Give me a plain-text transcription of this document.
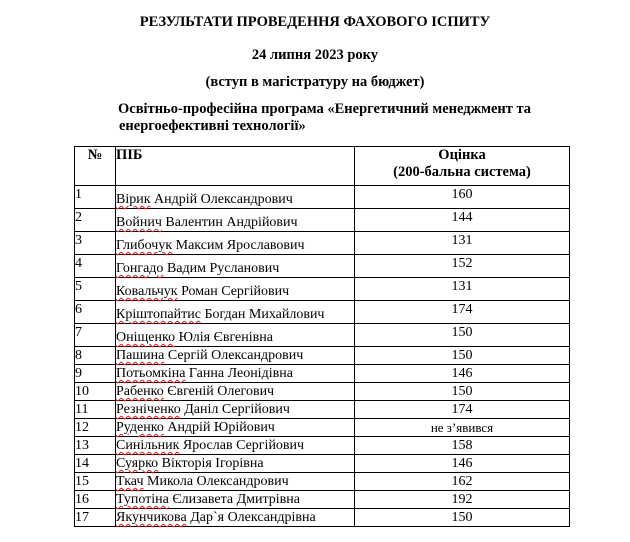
РЕЗУЛЬТАТИ ПРОВЕДЕННЯ ФАХОВОГО ІСПИТУ
24 липня 2023 року
(вступ в магістратуру на бюджет)
Освітньо-професійна програма «Енергетичний менеджмент та
енергоефективні технології»
№	ПІБ	Оцінка
(200-бальна система)

1	Вірик Андрій Олександрович	160
2	Войнич Валентин Андрійович	144
3	Глибочук Максим Ярославович	131
4	Гонгадо Вадим Русланович	152
5	Ковальчук Роман Сергійович	131
6	Кріштопайтис Богдан Михайлович	174
7	Оніщенко Юлія Євгенівна	150
8	Пашина Сергій Олександрович	150
9	Потьомкіна Ганна Леонідівна	146
10	Рабенко Євгеній Олегович	150
11	Резніченко Даніл Сергійович	174
12	Руденко Андрій Юрійович	не з’явився
13	Синільник Ярослав Сергійович	158
14	Суярко Вікторія Ігорівна	146
15	Ткач Микола Олександрович	162
16	Тупотіна Єлизавета Дмитрівна	192
17	Якунчикова Дар`я Олександрівна	150
